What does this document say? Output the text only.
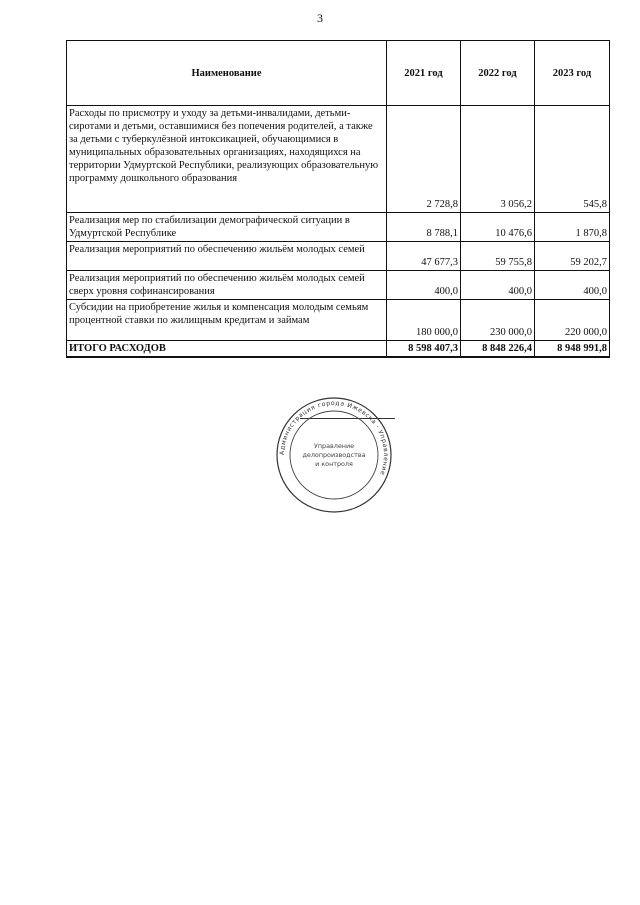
3
Наименование	2021 год	2022 год	2023 год
Расходы по присмотру и уходу за детьми-инвалидами, детьми-сиротами и детьми, оставшимися без попечения родителей, а также за детьми с туберкулёзной интоксикацией, обучающимися в муниципальных образовательных организациях, находящихся на территории Удмуртской Республики, реализующих образовательную программу дошкольного образования	2 728,8	3 056,2	545,8
Реализация мер по стабилизации демографической ситуации в Удмуртской Республике	8 788,1	10 476,6	1 870,8
Реализация мероприятий по обеспечению жильём молодых семей	47 677,3	59 755,8	59 202,7
Реализация мероприятий по обеспечению жильём молодых семей сверх уровня софинансирования	400,0	400,0	400,0
Субсидии на приобретение жилья и компенсация молодым семьям процентной ставки по жилищным кредитам и займам	180 000,0	230 000,0	220 000,0
ИТОГО РАСХОДОВ	8 598 407,3	8 848 226,4	8 948 991,8
Администрация города Ижевска · Управление
Управление
делопроизводства
и контроля
